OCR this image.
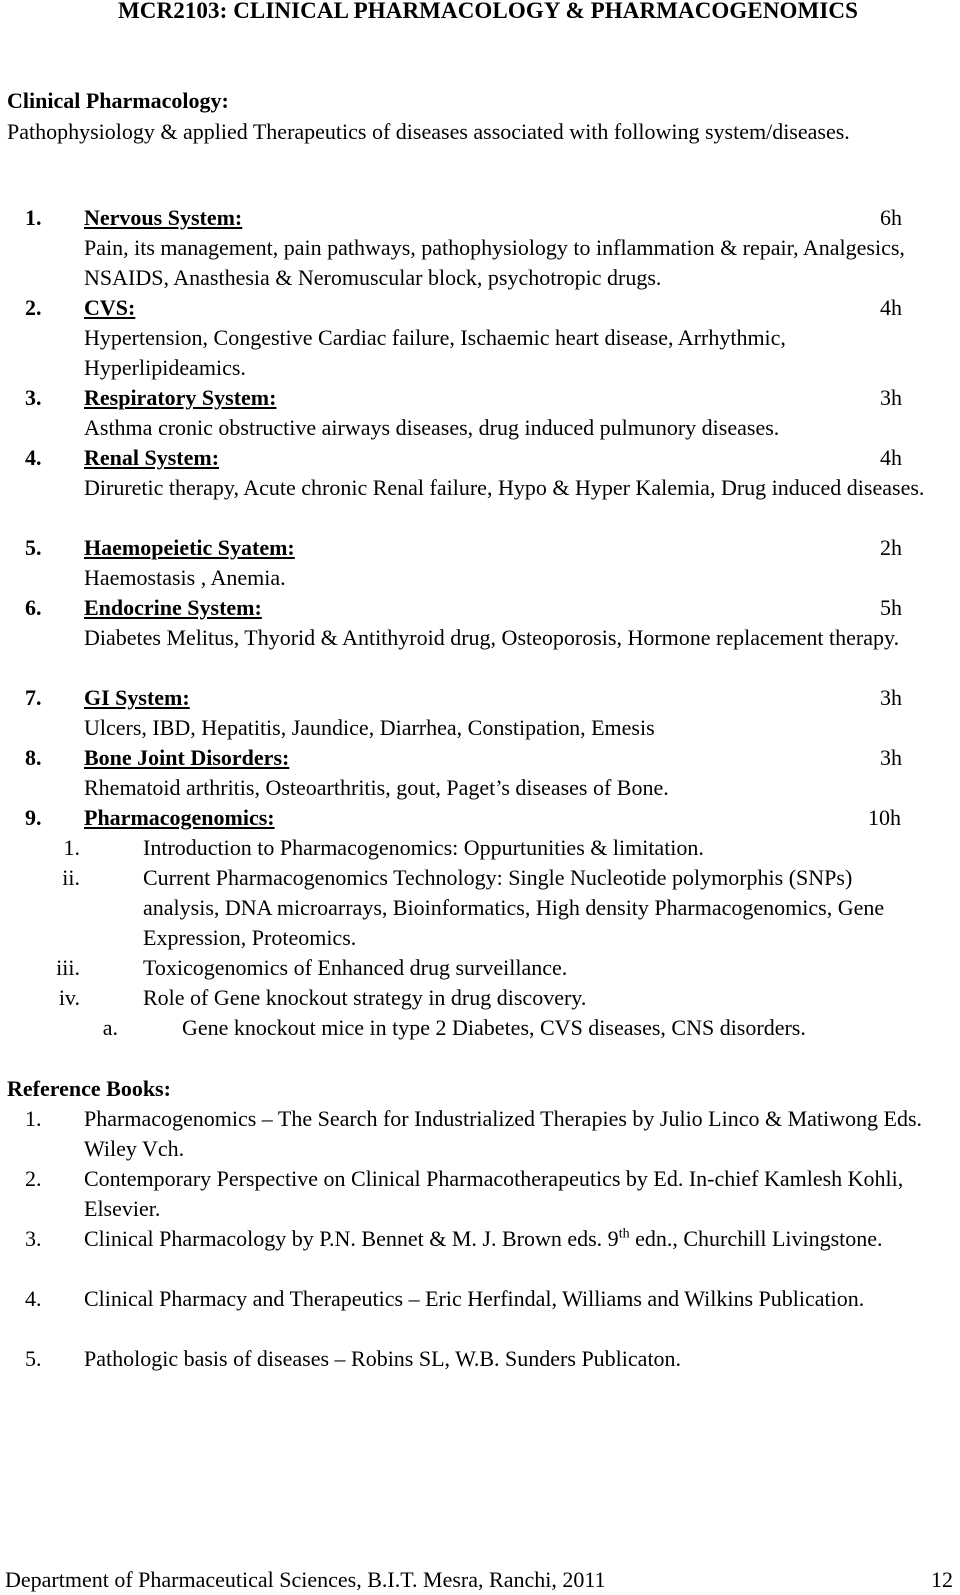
MCR2103: CLINICAL PHARMACOLOGY & PHARMACOGENOMICS
Clinical Pharmacology:
Pathophysiology & applied Therapeutics of diseases associated with following system/diseases.
1. Nervous System:	6h
Pain, its management, pain pathways, pathophysiology to inflammation & repair, Analgesics, NSAIDS, Anasthesia & Neromuscular block, psychotropic drugs.
2. CVS:	4h
Hypertension, Congestive Cardiac failure, Ischaemic heart disease, Arrhythmic, Hyperlipideamics.
3. Respiratory System:	3h
Asthma cronic obstructive airways diseases, drug induced pulmunory diseases.
4. Renal System:	4h
Diruretic therapy, Acute chronic Renal failure, Hypo & Hyper Kalemia, Drug induced diseases.
5. Haemopeietic Syatem:	2h
Haemostasis , Anemia.
6. Endocrine System:	5h
Diabetes Melitus, Thyorid & Antithyroid drug, Osteoporosis, Hormone replacement therapy.
7. GI System:	3h
Ulcers, IBD, Hepatitis, Jaundice, Diarrhea, Constipation, Emesis
8. Bone Joint Disorders:	3h
Rhematoid arthritis, Osteoarthritis, gout, Paget’s diseases of Bone.
9. Pharmacogenomics:	10h
1.	Introduction to Pharmacogenomics: Oppurtunities & limitation.
ii.	Current Pharmacogenomics Technology: Single Nucleotide polymorphis (SNPs) analysis, DNA microarrays, Bioinformatics, High density Pharmacogenomics, Gene Expression, Proteomics.
iii.	Toxicogenomics of Enhanced drug surveillance.
iv.	Role of Gene knockout strategy in drug discovery.
a.	Gene knockout mice in type 2 Diabetes, CVS diseases, CNS disorders.
Reference Books:
1. Pharmacogenomics – The Search for Industrialized Therapies by Julio Linco & Matiwong Eds. Wiley Vch.
2. Contemporary Perspective on Clinical Pharmacotherapeutics by Ed. In-chief Kamlesh Kohli, Elsevier.
3. Clinical Pharmacology by P.N. Bennet & M. J. Brown eds. 9th edn., Churchill Livingstone.
4. Clinical Pharmacy and Therapeutics – Eric Herfindal, Williams and Wilkins Publication.
5. Pathologic basis of diseases – Robins SL, W.B. Sunders Publicaton.
Department of Pharmaceutical Sciences, B.I.T. Mesra, Ranchi, 2011	12
